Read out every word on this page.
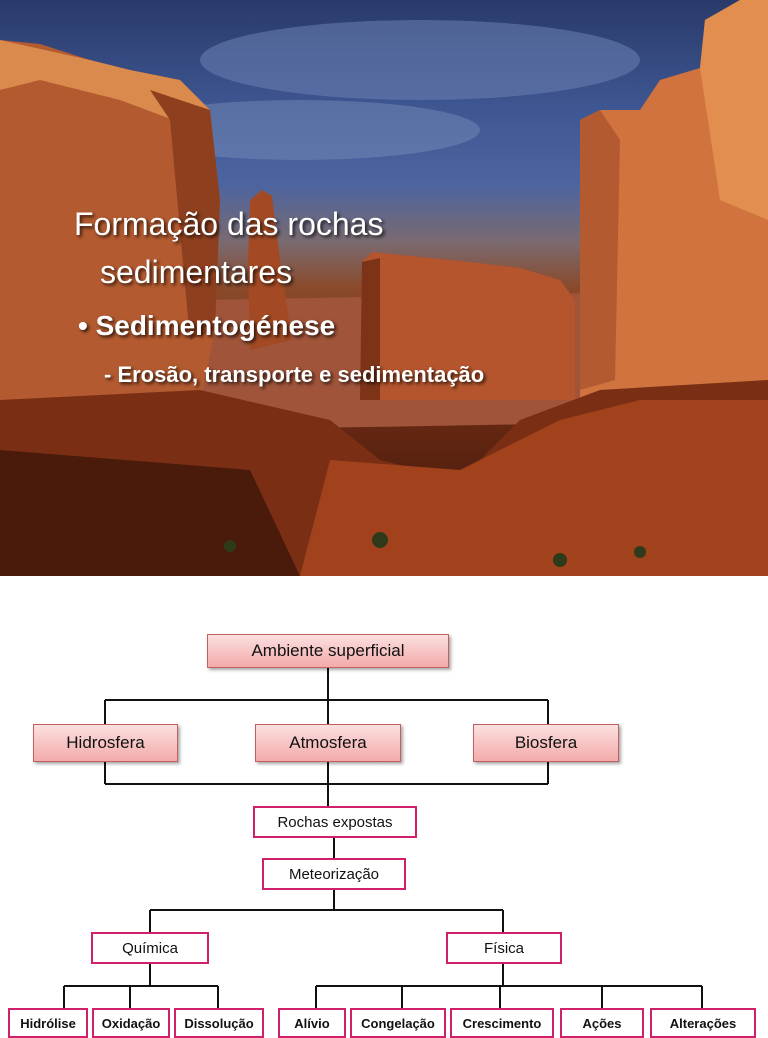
Formação das rochas
sedimentares
• Sedimentogénese
- Erosão, transporte e sedimentação
Ambiente superficial
Hidrosfera	Atmosfera	Biosfera
Rochas expostas
Meteorização
Química	Física
Hidrólise	Oxidação	Dissolução	Alívio	Congelação	Crescimento	Ações	Alterações
